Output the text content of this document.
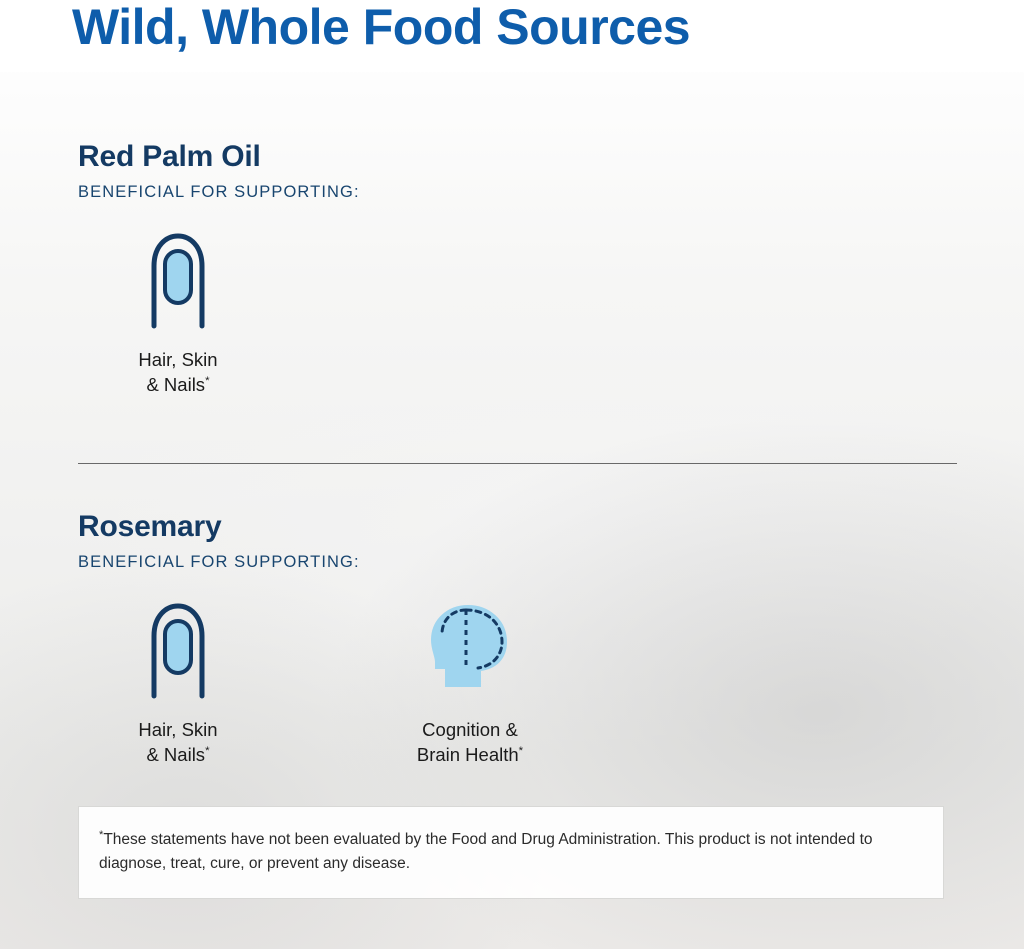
Wild, Whole Food Sources
Red Palm Oil
BENEFICIAL FOR SUPPORTING:
Hair, Skin
& Nails*
Rosemary
BENEFICIAL FOR SUPPORTING:
Hair, Skin
& Nails*
Cognition &
Brain Health*

*These statements have not been evaluated by the Food and Drug Administration. This product is not intended to diagnose, treat, cure, or prevent any disease.
